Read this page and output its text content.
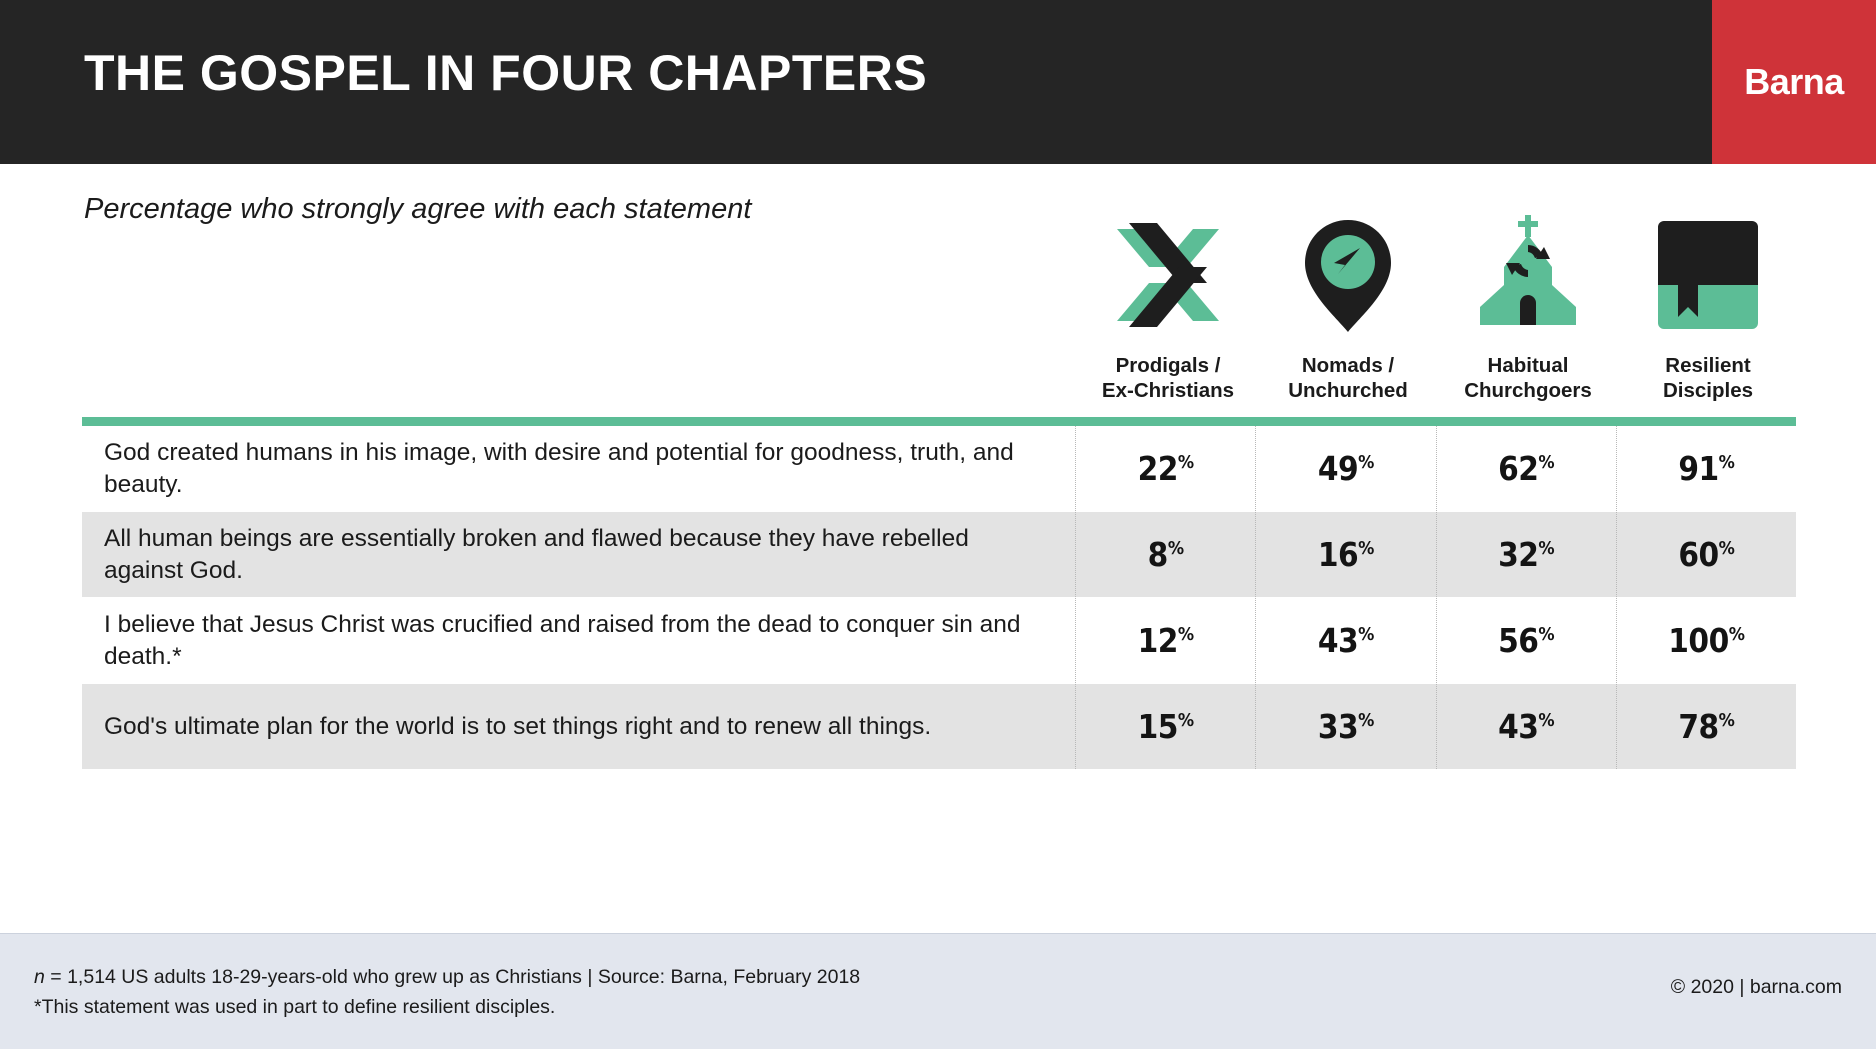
THE GOSPEL IN FOUR CHAPTERS	Barna
Percentage who strongly agree with each statement
Prodigals /
Ex-Christians
Nomads /
Unchurched
Habitual
Churchgoers
Resilient
Disciples
God created humans in his image, with desire and potential for goodness, truth, and beauty.	22%	49%	62%	91%
All human beings are essentially broken and flawed because they have rebelled against God.	8%	16%	32%	60%
I believe that Jesus Christ was crucified and raised from the dead to conquer sin and death.*	12%	43%	56%	100%
God's ultimate plan for the world is to set things right and to renew all things.	15%	33%	43%	78%
n = 1,514 US adults 18-29-years-old who grew up as Christians | Source: Barna, February 2018
*This statement was used in part to define resilient disciples.
© 2020 | barna.com
